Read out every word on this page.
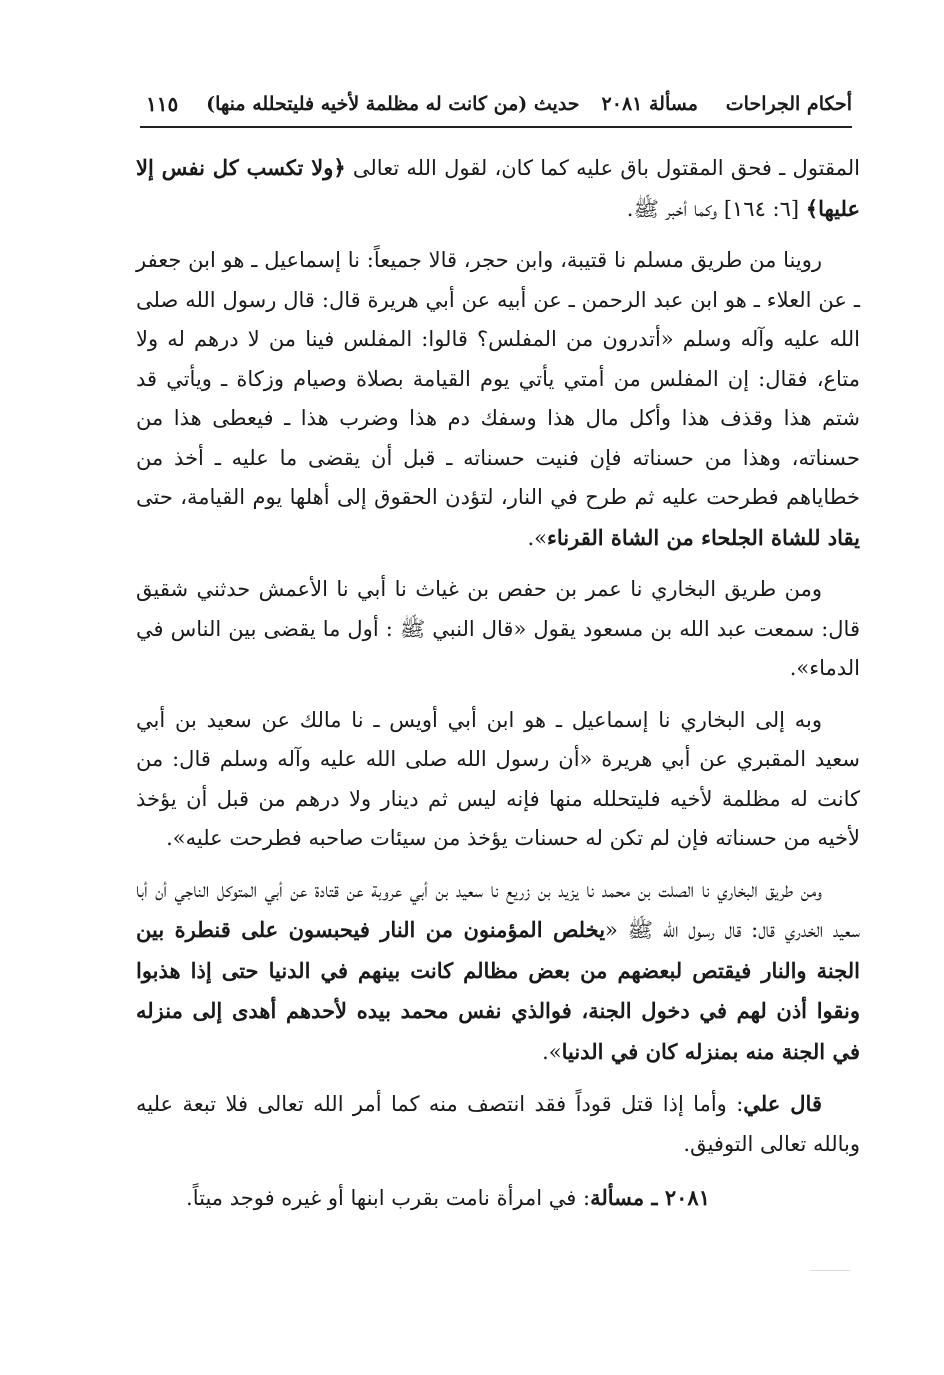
أحكام الجراحات
مسألة ٢٠٨١
حديث (من كانت له مظلمة لأخيه فليتحلله منها)
١١٥

المقتول ـ فحق المقتول باق عليه كما كان، لقول الله تعالى ﴿ولا تكسب كل نفس إلا عليها﴾ [٦: ١٦٤] وكما أخبر ﷺ.

روينا من طريق مسلم نا قتيبة، وابن حجر، قالا جميعاً: نا إسماعيل ـ هو ابن جعفر ـ عن العلاء ـ هو ابن عبد الرحمن ـ عن أبيه عن أبي هريرة قال: قال رسول الله صلى الله عليه وآله وسلم «أتدرون من المفلس؟ قالوا: المفلس فينا من لا درهم له ولا متاع، فقال: إن المفلس من أمتي يأتي يوم القيامة بصلاة وصيام وزكاة ـ ويأتي قد شتم هذا وقذف هذا وأكل مال هذا وسفك دم هذا وضرب هذا ـ فيعطى هذا من حسناته، وهذا من حسناته فإن فنيت حسناته ـ قبل أن يقضى ما عليه ـ أخذ من خطاياهم فطرحت عليه ثم طرح في النار، لتؤدن الحقوق إلى أهلها يوم القيامة، حتى يقاد للشاة الجلحاء من الشاة القرناء».

ومن طريق البخاري نا عمر بن حفص بن غياث نا أبي نا الأعمش حدثني شقيق قال: سمعت عبد الله بن مسعود يقول «قال النبي ﷺ : أول ما يقضى بين الناس في الدماء».

وبه إلى البخاري نا إسماعيل ـ هو ابن أبي أويس ـ نا مالك عن سعيد بن أبي سعيد المقبري عن أبي هريرة «أن رسول الله صلى الله عليه وآله وسلم قال: من كانت له مظلمة لأخيه فليتحلله منها فإنه ليس ثم دينار ولا درهم من قبل أن يؤخذ لأخيه من حسناته فإن لم تكن له حسنات يؤخذ من سيئات صاحبه فطرحت عليه».

ومن طريق البخاري نا الصلت بن محمد نا يزيد بن زريع نا سعيد بن أبي عروبة عن قتادة عن أبي المتوكل الناجي أن أبا سعيد الخدري قال: قال رسول الله ﷺ «يخلص المؤمنون من النار فيحبسون على قنطرة بين الجنة والنار فيقتص لبعضهم من بعض مظالم كانت بينهم في الدنيا حتى إذا هذبوا ونقوا أذن لهم في دخول الجنة، فوالذي نفس محمد بيده لأحدهم أهدى إلى منزله في الجنة منه بمنزله كان في الدنيا».

قال علي: وأما إذا قتل قوداً فقد انتصف منه كما أمر الله تعالى فلا تبعة عليه وبالله تعالى التوفيق.

٢٠٨١ ـ مسألة: في امرأة نامت بقرب ابنها أو غيره فوجد ميتاً.
